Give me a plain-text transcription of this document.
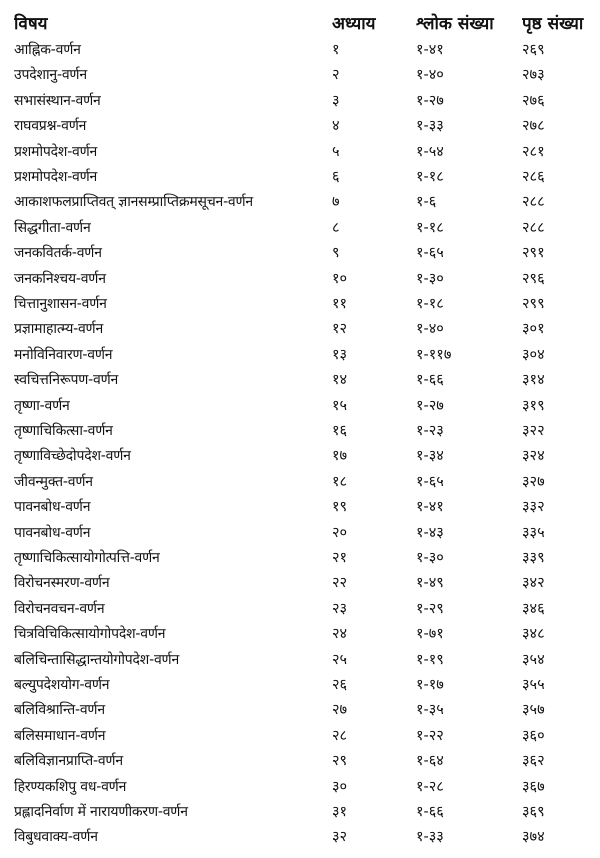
विषय	अध्याय	श्लोक संख्या	पृष्ठ संख्या
आह्निक-वर्णन	१	१-४१	२६९
उपदेशानु-वर्णन	२	१-४०	२७३
सभासंस्थान-वर्णन	३	१-२७	२७६
राघवप्रश्न-वर्णन	४	१-३३	२७८
प्रशमोपदेश-वर्णन	५	१-५४	२८१
प्रशमोपदेश-वर्णन	६	१-१८	२८६
आकाशफलप्राप्तिवत् ज्ञानसम्प्राप्तिक्रमसूचन-वर्णन	७	१-६	२८८
सिद्धगीता-वर्णन	८	१-१८	२८८
जनकवितर्क-वर्णन	९	१-६५	२९१
जनकनिश्चय-वर्णन	१०	१-३०	२९६
चित्तानुशासन-वर्णन	११	१-१८	२९९
प्रज्ञामाहात्म्य-वर्णन	१२	१-४०	३०१
मनोविनिवारण-वर्णन	१३	१-११७	३०४
स्वचित्तनिरूपण-वर्णन	१४	१-६६	३१४
तृष्णा-वर्णन	१५	१-२७	३१९
तृष्णाचिकित्सा-वर्णन	१६	१-२३	३२२
तृष्णाविच्छेदोपदेश-वर्णन	१७	१-३४	३२४
जीवन्मुक्त-वर्णन	१८	१-६५	३२७
पावनबोध-वर्णन	१९	१-४१	३३२
पावनबोध-वर्णन	२०	१-४३	३३५
तृष्णाचिकित्सायोगोत्पत्ति-वर्णन	२१	१-३०	३३९
विरोचनस्मरण-वर्णन	२२	१-४९	३४२
विरोचनवचन-वर्णन	२३	१-२९	३४६
चित्रविचिकित्सायोगोपदेश-वर्णन	२४	१-७१	३४८
बलिचिन्तासिद्धान्तयोगोपदेश-वर्णन	२५	१-१९	३५४
बल्युपदेशयोग-वर्णन	२६	१-१७	३५५
बलिविश्रान्ति-वर्णन	२७	१-३५	३५७
बलिसमाधान-वर्णन	२८	१-२२	३६०
बलिविज्ञानप्राप्ति-वर्णन	२९	१-६४	३६२
हिरण्यकशिपु वध-वर्णन	३०	१-२८	३६७
प्रह्लादनिर्वाण में नारायणीकरण-वर्णन	३१	१-६६	३६९
विबुधवाक्य-वर्णन	३२	१-३३	३७४
